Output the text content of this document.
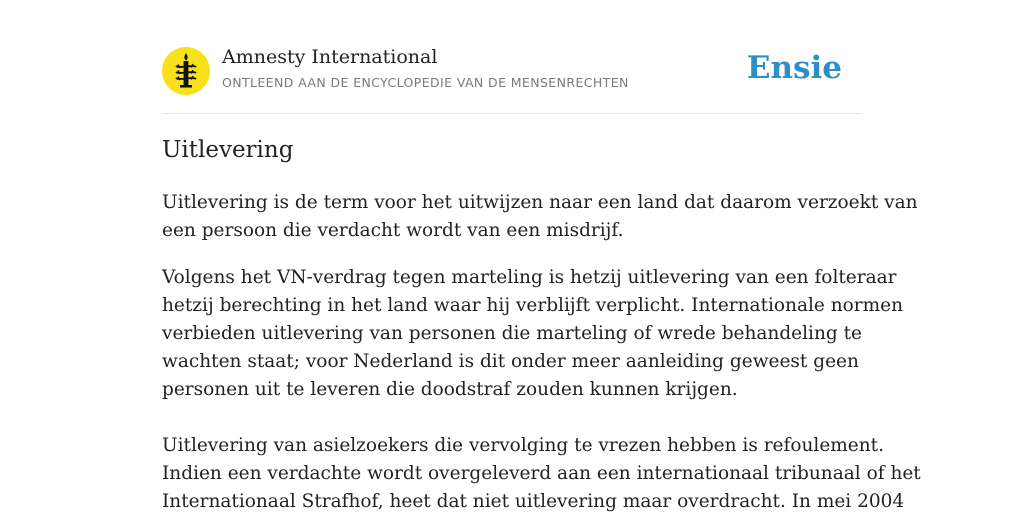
Amnesty International
ONTLEEND AAN DE ENCYCLOPEDIE VAN DE MENSENRECHTEN	Ensie
Uitlevering

Uitlevering is de term voor het uitwijzen naar een land dat daarom verzoekt van

een persoon die verdacht wordt van een misdrijf.

Volgens het VN-verdrag tegen marteling is hetzij uitlevering van een folteraar

hetzij berechting in het land waar hij verblijft verplicht. Internationale normen

verbieden uitlevering van personen die marteling of wrede behandeling te

wachten staat; voor Nederland is dit onder meer aanleiding geweest geen

personen uit te leveren die doodstraf zouden kunnen krijgen.

Uitlevering van asielzoekers die vervolging te vrezen hebben is refoulement.

Indien een verdachte wordt overgeleverd aan een internationaal tribunaal of het

Internationaal Strafhof, heet dat niet uitlevering maar overdracht. In mei 2004
